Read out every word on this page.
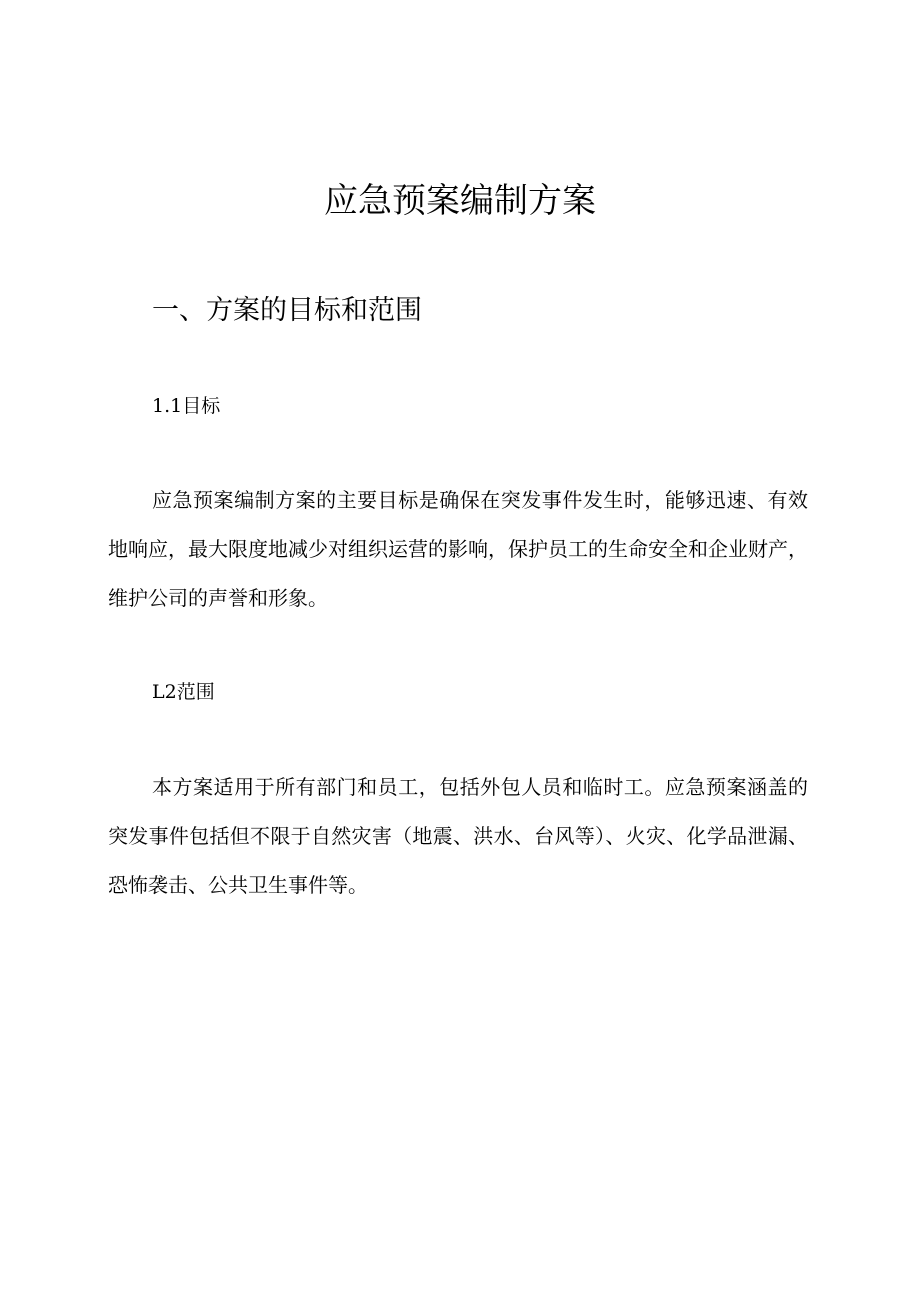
应急预案编制方案
一、方案的目标和范围
1.1目标

应急预案编制方案的主要目标是确保在突发事件发生时，能够迅速、有效地响应，最大限度地减少对组织运营的影响，保护员工的生命安全和企业财产，维护公司的声誉和形象。

L2范围

本方案适用于所有部门和员工，包括外包人员和临时工。应急预案涵盖的突发事件包括但不限于自然灾害（地震、洪水、台风等）、火灾、化学品泄漏、恐怖袭击、公共卫生事件等。
